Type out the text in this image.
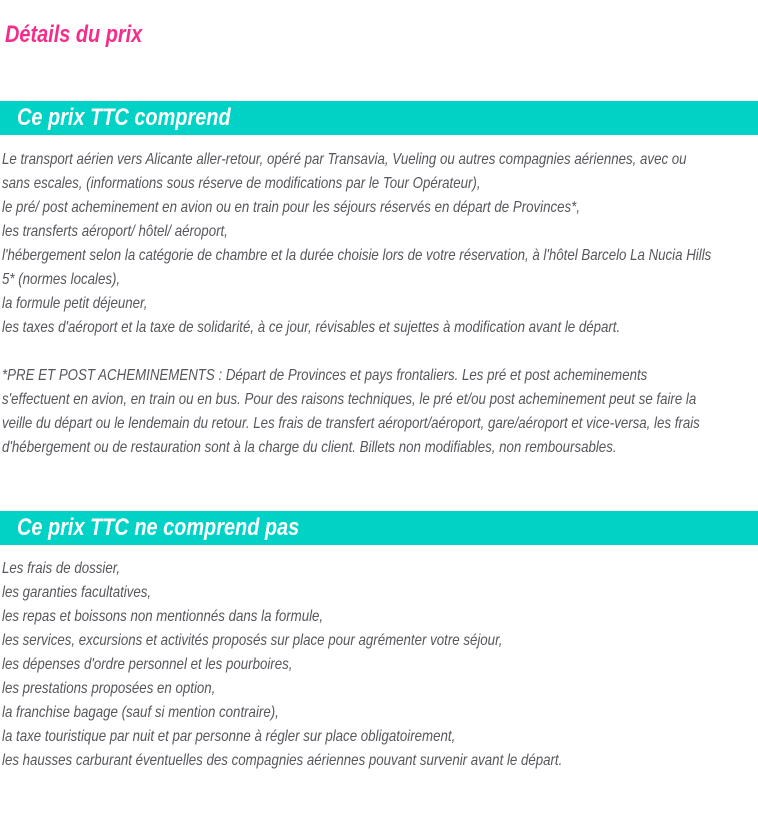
Détails du prix
Ce prix TTC comprend
Le transport aérien vers Alicante aller-retour, opéré par Transavia, Vueling ou autres compagnies aériennes, avec ou
sans escales, (informations sous réserve de modifications par le Tour Opérateur),
le pré/ post acheminement en avion ou en train pour les séjours réservés en départ de Provinces*,
les transferts aéroport/ hôtel/ aéroport,
l'hébergement selon la catégorie de chambre et la durée choisie lors de votre réservation, à l'hôtel Barcelo La Nucia Hills
5* (normes locales),
la formule petit déjeuner,
les taxes d'aéroport et la taxe de solidarité, à ce jour, révisables et sujettes à modification avant le départ.
*PRE ET POST ACHEMINEMENTS : Départ de Provinces et pays frontaliers. Les pré et post acheminements
s'effectuent en avion, en train ou en bus. Pour des raisons techniques, le pré et/ou post acheminement peut se faire la
veille du départ ou le lendemain du retour. Les frais de transfert aéroport/aéroport, gare/aéroport et vice-versa, les frais
d'hébergement ou de restauration sont à la charge du client. Billets non modifiables, non remboursables.
Ce prix TTC ne comprend pas
Les frais de dossier,
les garanties facultatives,
les repas et boissons non mentionnés dans la formule,
les services, excursions et activités proposés sur place pour agrémenter votre séjour,
les dépenses d'ordre personnel et les pourboires,
les prestations proposées en option,
la franchise bagage (sauf si mention contraire),
la taxe touristique par nuit et par personne à régler sur place obligatoirement,
les hausses carburant éventuelles des compagnies aériennes pouvant survenir avant le départ.
